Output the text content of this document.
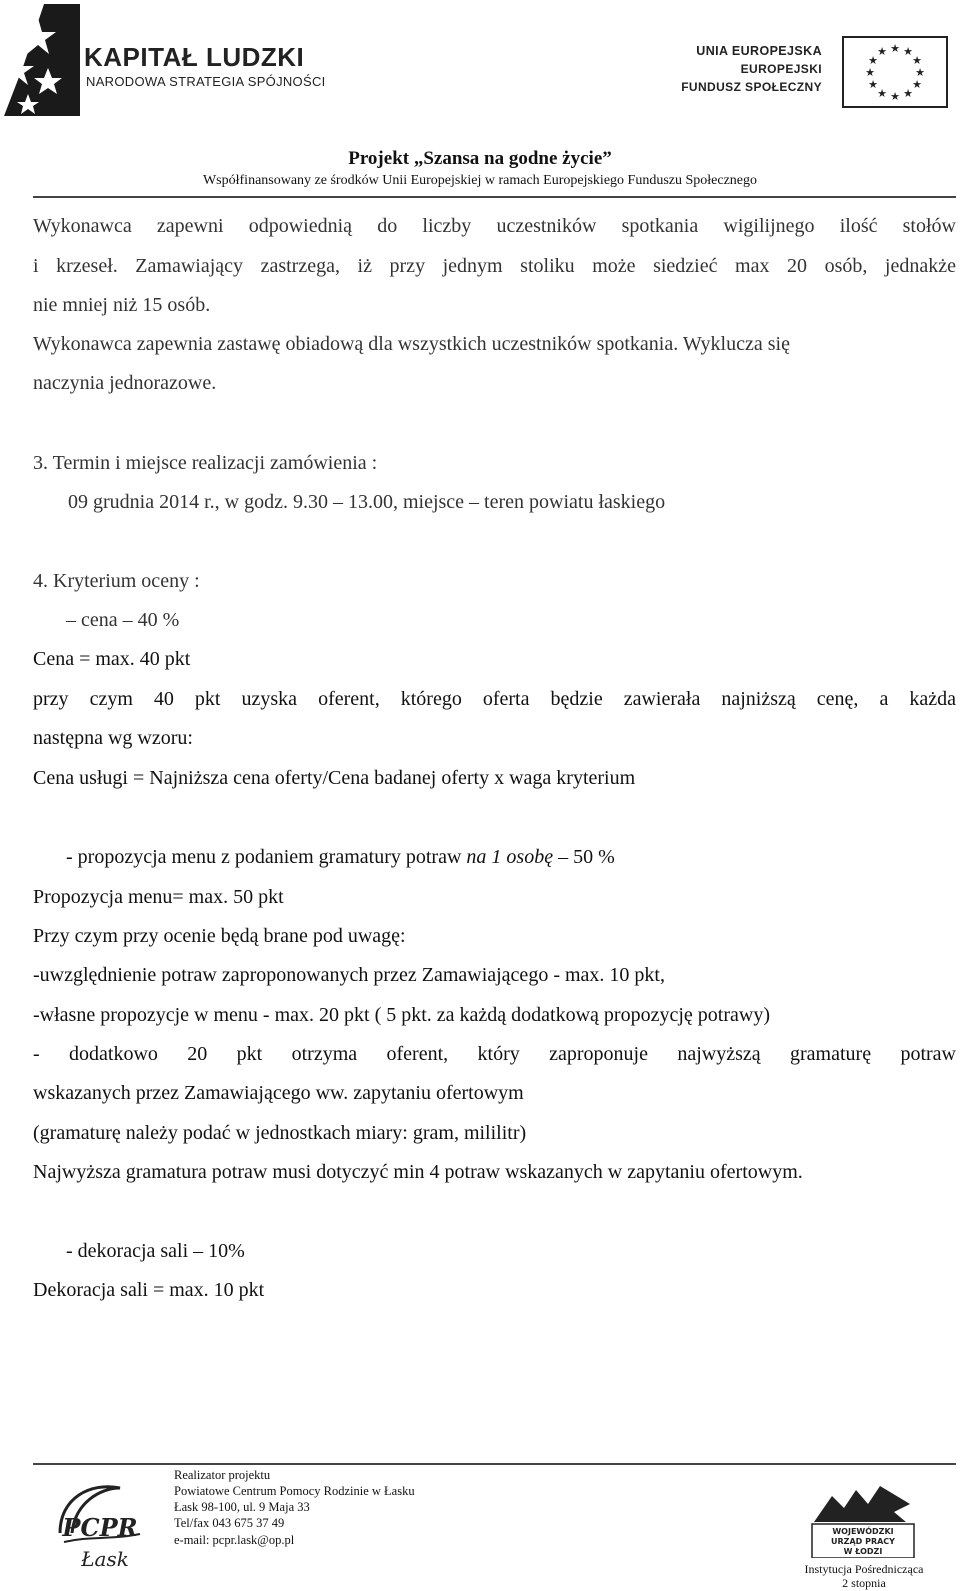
KAPITAŁ LUDZKI
NARODOWA STRATEGIA SPÓJNOŚCI
UNIA EUROPEJSKA
EUROPEJSKI
FUNDUSZ SPOŁECZNY
★ ★
★
★
★
★
★
★
★
★
★
★
Projekt „Szansa na godne życie”
Współfinansowany ze środków Unii Europejskiej w ramach Europejskiego Funduszu Społecznego
Wykonawca zapewni odpowiednią do liczby uczestników spotkania wigilijnego ilość stołów
i krzeseł. Zamawiający zastrzega, iż przy jednym stoliku może siedzieć max 20 osób, jednakże
nie mniej niż 15 osób.
Wykonawca zapewnia zastawę obiadową dla wszystkich uczestników spotkania. Wyklucza się
naczynia jednorazowe.
3. Termin i miejsce realizacji zamówienia :
09 grudnia 2014 r., w godz. 9.30 – 13.00, miejsce – teren powiatu łaskiego
4. Kryterium oceny :
– cena – 40 %
Cena = max. 40 pkt
przy czym 40 pkt uzyska oferent, którego oferta będzie zawierała najniższą cenę, a każda
następna wg wzoru:
Cena usługi = Najniższa cena oferty/Cena badanej oferty x waga kryterium
- propozycja menu z podaniem gramatury potraw na 1 osobę – 50 %
Propozycja menu= max. 50 pkt
Przy czym przy ocenie będą brane pod uwagę:
-uwzględnienie potraw zaproponowanych przez Zamawiającego - max. 10 pkt,
-własne propozycje w menu - max. 20 pkt ( 5 pkt. za każdą dodatkową propozycję potrawy)
- dodatkowo 20 pkt otrzyma oferent, który zaproponuje najwyższą gramaturę potraw
wskazanych przez Zamawiającego ww. zapytaniu ofertowym
(gramaturę należy podać w jednostkach miary: gram, mililitr)
Najwyższa gramatura potraw musi dotyczyć min 4 potraw wskazanych w zapytaniu ofertowym.
- dekoracja sali – 10%
Dekoracja sali = max. 10 pkt
PCPR
Łask
Realizator projektu
Powiatowe Centrum Pomocy Rodzinie w Łasku
Łask 98-100, ul. 9 Maja 33
Tel/fax 043 675 37 49
e-mail: pcpr.lask@op.pl
WOJEWÓDZKI
URZĄD PRACY
W ŁODZI
Instytucja Pośrednicząca
2 stopnia
